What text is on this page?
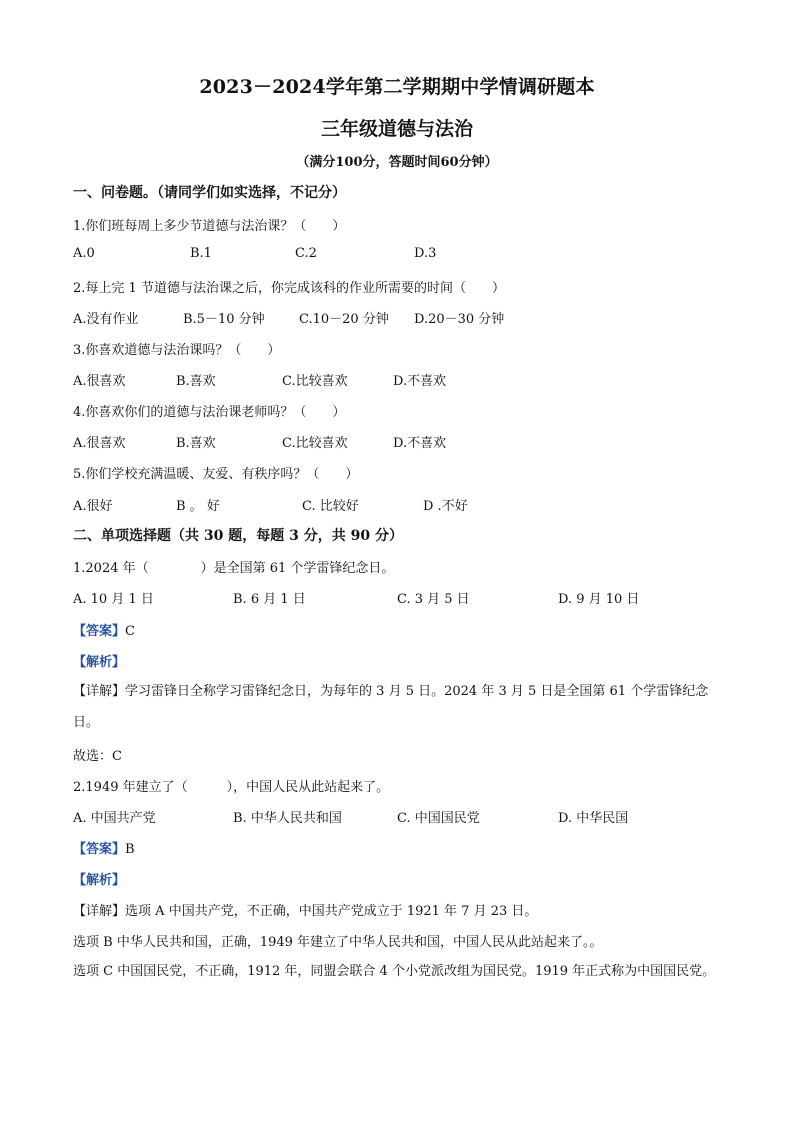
2023－2024学年第二学期期中学情调研题本
三年级道德与法治
（满分100分，答题时间60分钟）
一、问卷题。（请同学们如实选择，不记分）
1.你们班每周上多少节道德与法治课？（　　）
A.0	B.1	C.2	D.3
2.每上完 1 节道德与法治课之后，你完成该科的作业所需要的时间（　　）
A.没有作业	B.5－10 分钟	C.10－20 分钟 D.20－30 分钟
3.你喜欢道德与法治课吗？（　　）
A.很喜欢	B.喜欢	C.比较喜欢	D.不喜欢
4.你喜欢你们的道德与法治课老师吗？（　　）
A.很喜欢	B.喜欢	C.比较喜欢	D.不喜欢
5.你们学校充满温暖、友爱、有秩序吗？（　　）
A.很好	B 。 好	C. 比较好	D .不好
二、单项选择题（共 30 题，每题 3 分，共 90 分）
1.2024 年（　　　　）是全国第 61 个学雷锋纪念日。
A. 10 月 1 日	B. 6 月 1 日	C. 3 月 5 日	D. 9 月 10 日
【答案】C
【解析】
【详解】学习雷锋日全称学习雷锋纪念日，为每年的 3 月 5 日。2024 年 3 月 5 日是全国第 61 个学雷锋纪念日。
故选：C
2.1949 年建立了（　　　），中国人民从此站起来了。
A. 中国共产党	B. 中华人民共和国	C. 中国国民党	D. 中华民国
【答案】B
【解析】
【详解】选项 A 中国共产党，不正确，中国共产党成立于 1921 年 7 月 23 日。
选项 B 中华人民共和国，正确，1949 年建立了中华人民共和国，中国人民从此站起来了。。
选项 C 中国国民党，不正确，1912 年，同盟会联合 4 个小党派改组为国民党。1919 年正式称为中国国民党。
